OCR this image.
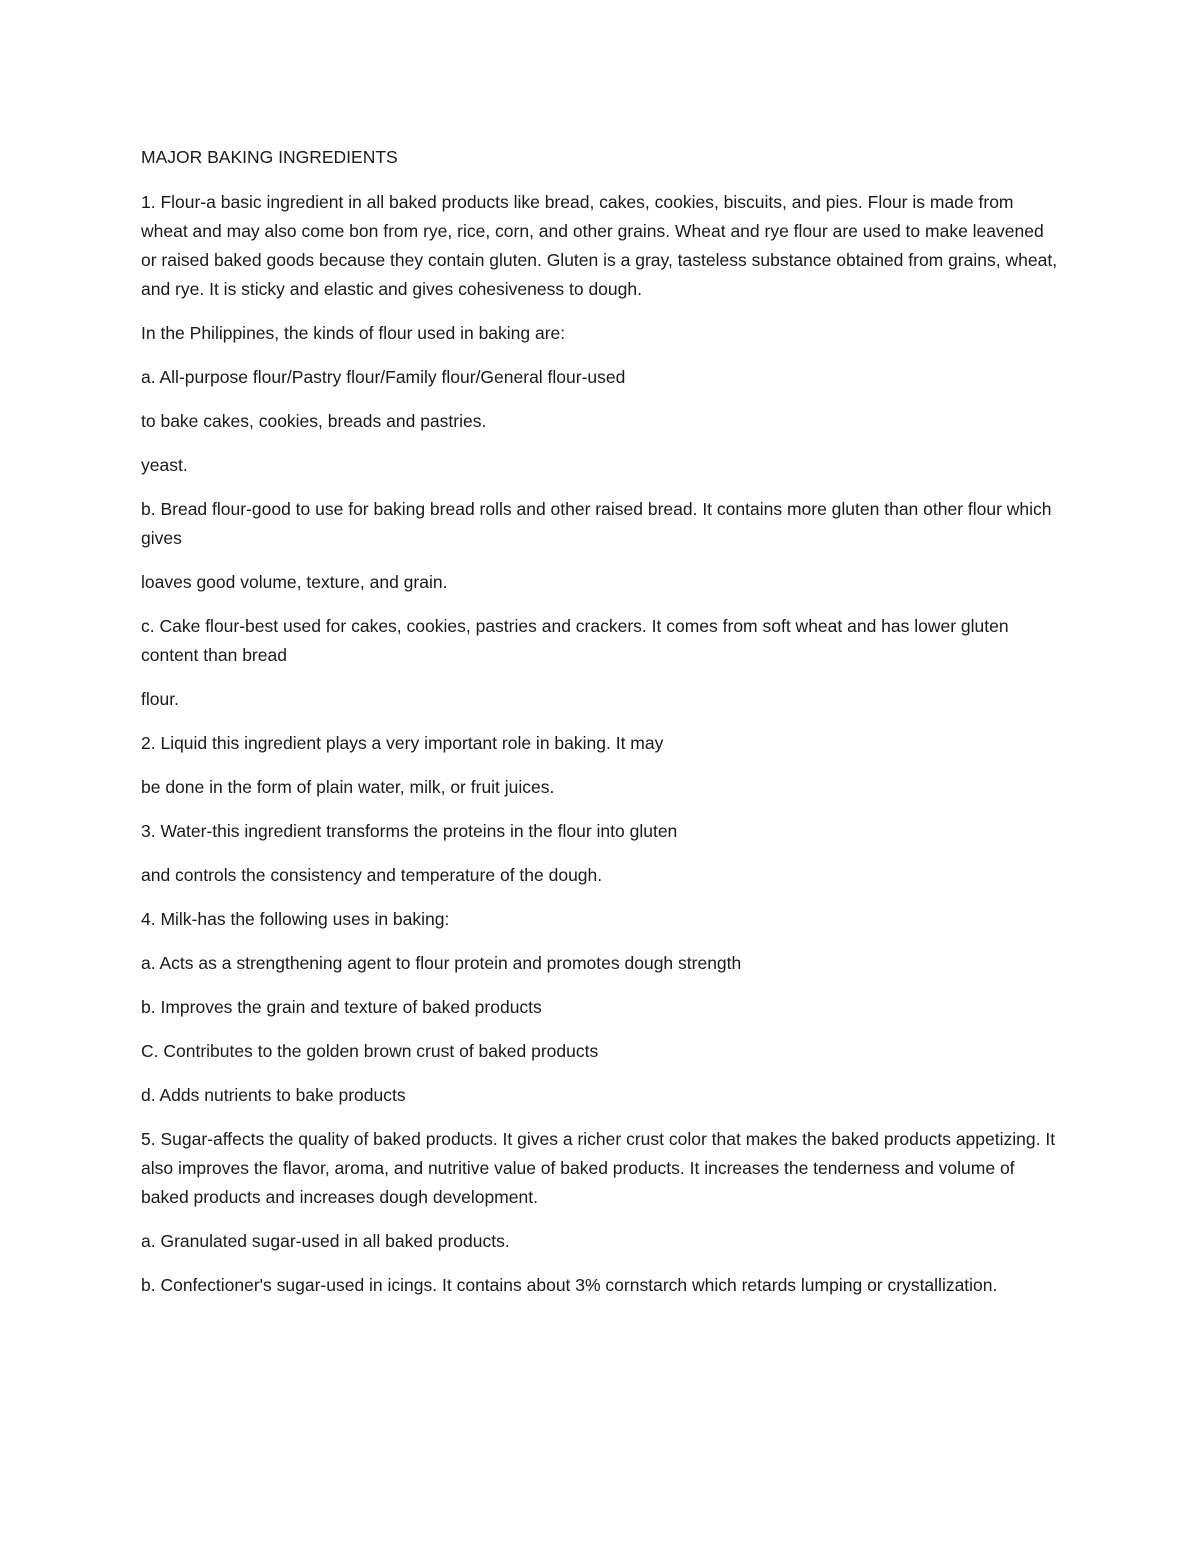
MAJOR BAKING INGREDIENTS

1. Flour-a basic ingredient in all baked products like bread, cakes, cookies, biscuits, and pies. Flour is made from wheat and may also come bon from rye, rice, corn, and other grains. Wheat and rye flour are used to make leavened or raised baked goods because they contain gluten. Gluten is a gray, tasteless substance obtained from grains, wheat, and rye. It is sticky and elastic and gives cohesiveness to dough.

In the Philippines, the kinds of flour used in baking are:

a. All-purpose flour/Pastry flour/Family flour/General flour-used

to bake cakes, cookies, breads and pastries.

yeast.

b. Bread flour-good to use for baking bread rolls and other raised bread. It contains more gluten than other flour which gives

loaves good volume, texture, and grain.

c. Cake flour-best used for cakes, cookies, pastries and crackers. It comes from soft wheat and has lower gluten content than bread

flour.

2. Liquid this ingredient plays a very important role in baking. It may

be done in the form of plain water, milk, or fruit juices.

3. Water-this ingredient transforms the proteins in the flour into gluten

and controls the consistency and temperature of the dough.

4. Milk-has the following uses in baking:

a. Acts as a strengthening agent to flour protein and promotes dough strength

b. Improves the grain and texture of baked products

C. Contributes to the golden brown crust of baked products

d. Adds nutrients to bake products

5. Sugar-affects the quality of baked products. It gives a richer crust color that makes the baked products appetizing. It also improves the flavor, aroma, and nutritive value of baked products. It increases the tenderness and volume of baked products and increases dough development.

a. Granulated sugar-used in all baked products.

b. Confectioner's sugar-used in icings. It contains about 3% cornstarch which retards lumping or crystallization.
